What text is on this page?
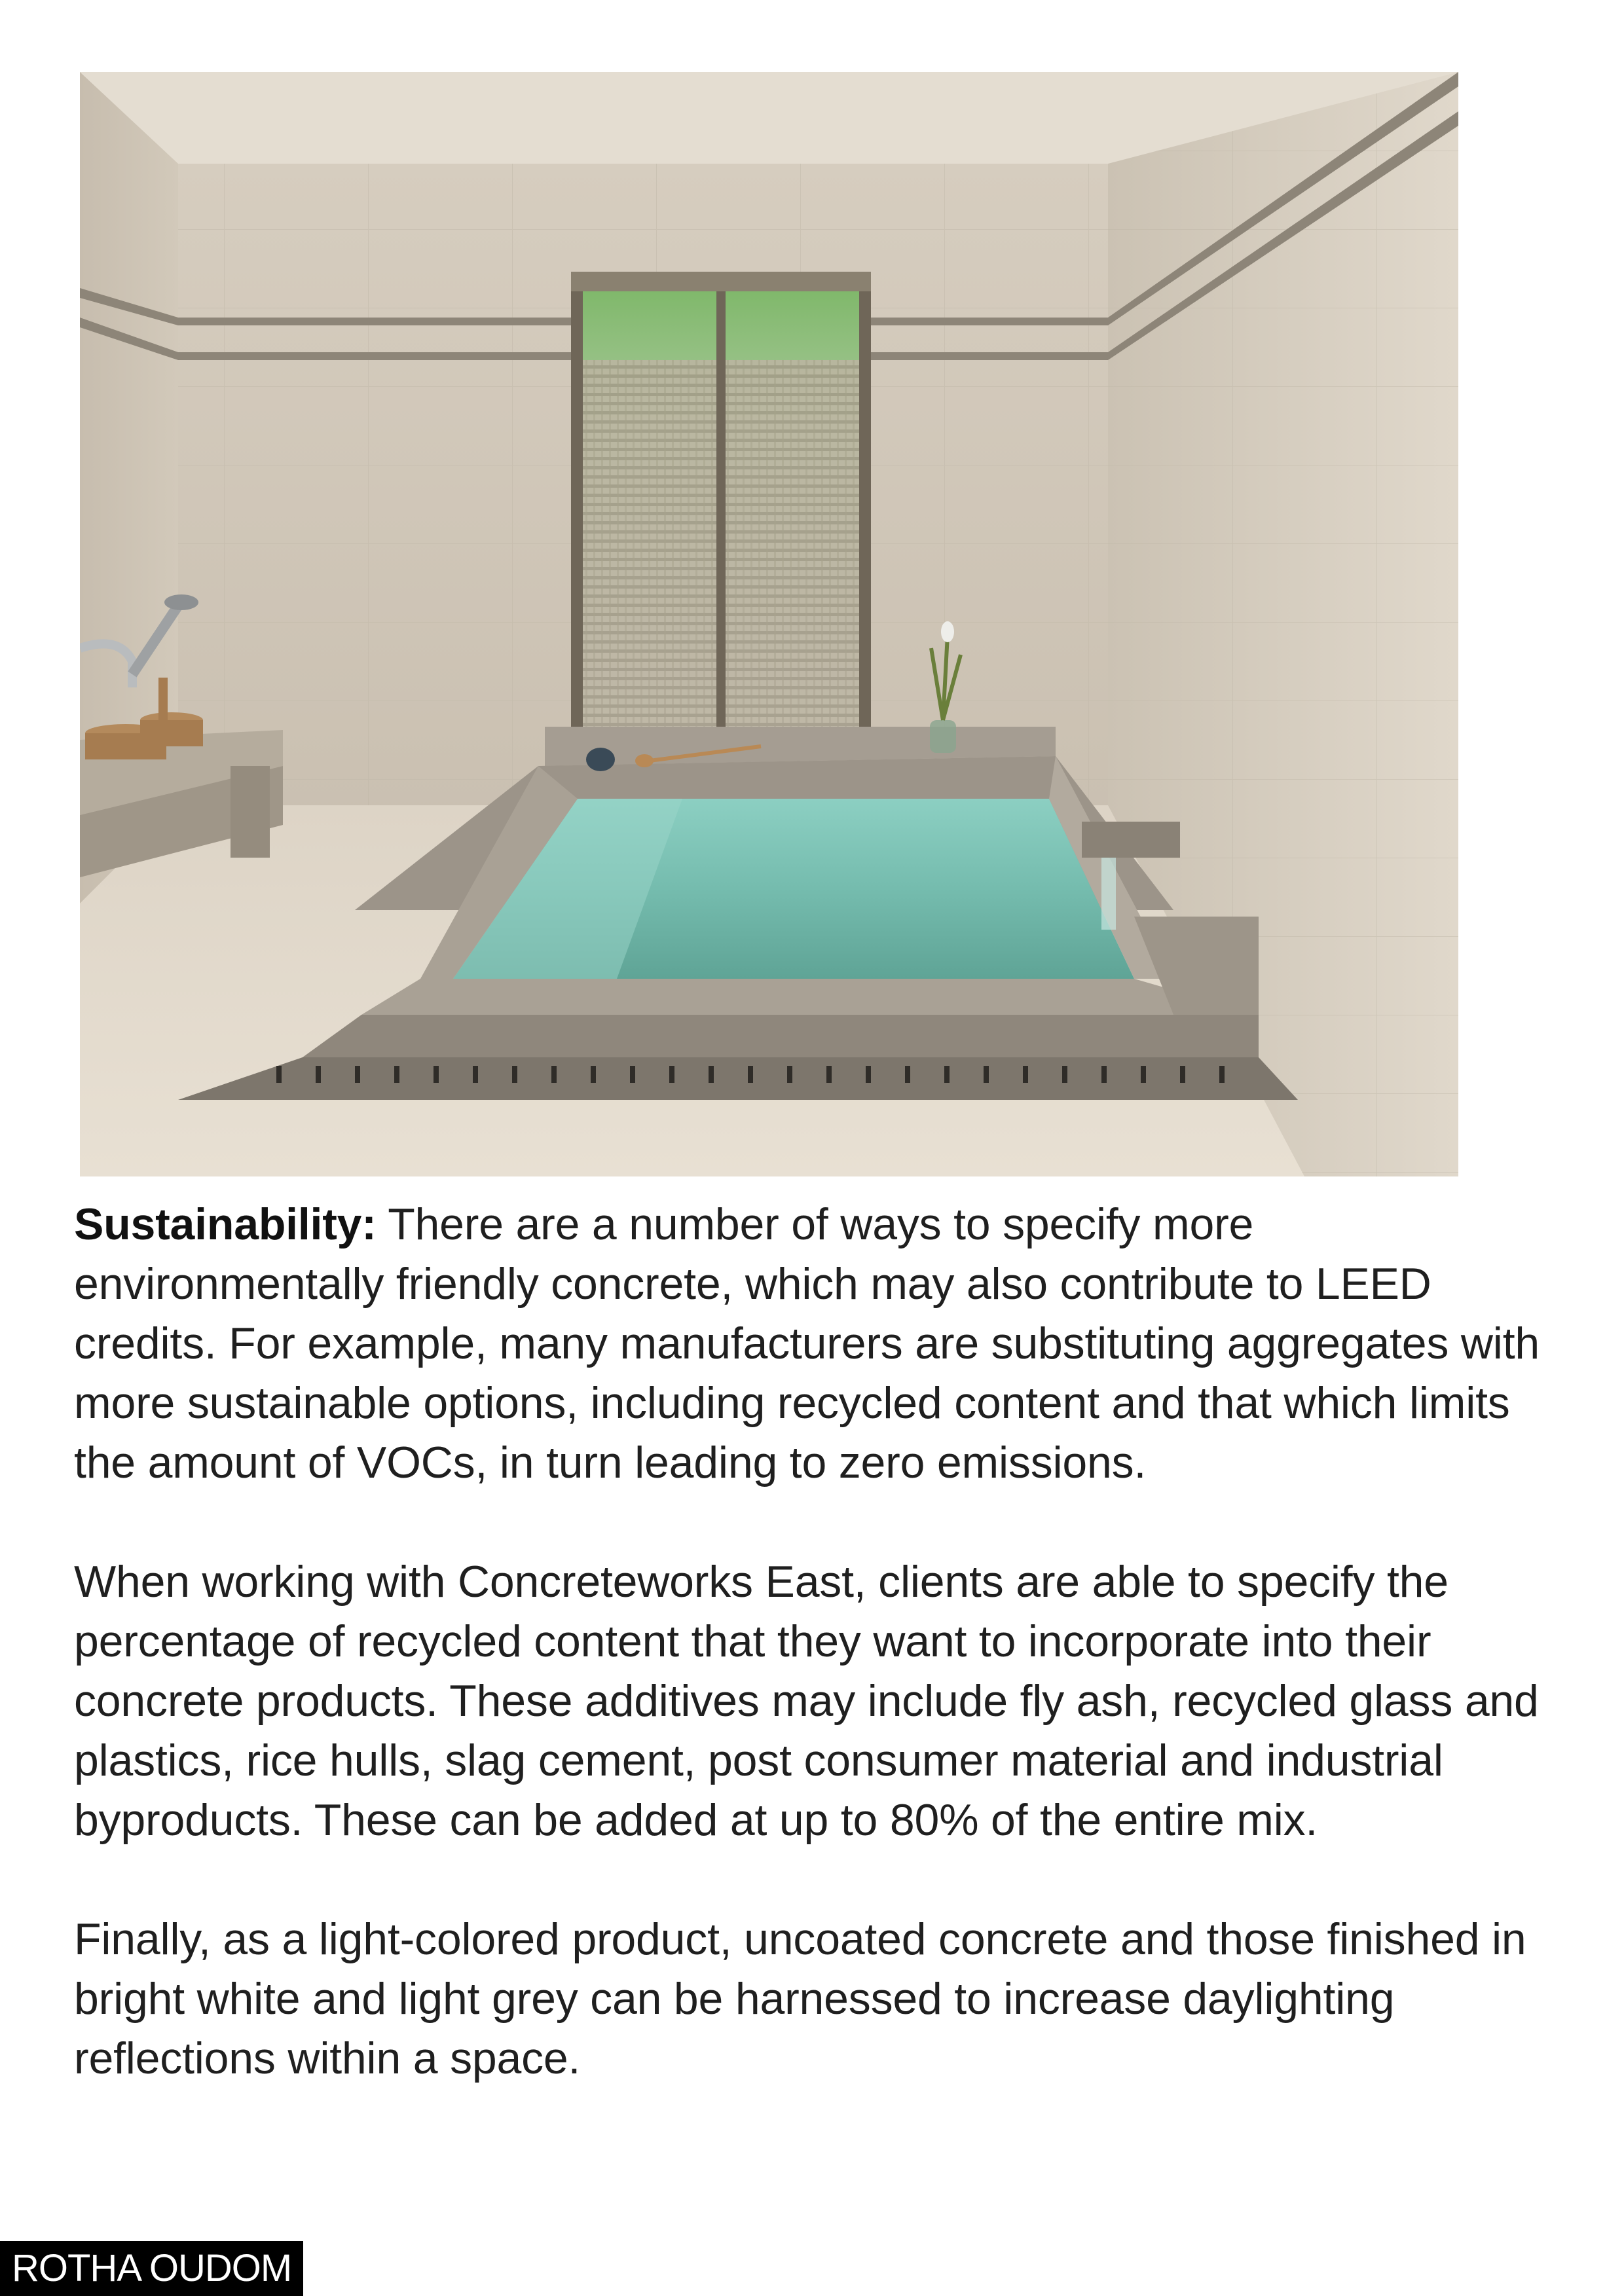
Sustainability: There are a number of ways to specify more environmentally friendly concrete, which may also contribute to LEED credits. For example, many manufacturers are substituting aggregates with more sustainable options, including recycled content and that which limits the amount of VOCs, in turn leading to zero emissions.

When working with Concreteworks East, clients are able to specify the percentage of recycled content that they want to incorporate into their concrete products. These additives may include fly ash, recycled glass and plastics, rice hulls, slag cement, post consumer material and industrial byproducts. These can be added at up to 80% of the entire mix.

Finally, as a light-colored product, uncoated concrete and those finished in bright white and light grey can be harnessed to increase daylighting reflections within a space.

ROTHA OUDOM
